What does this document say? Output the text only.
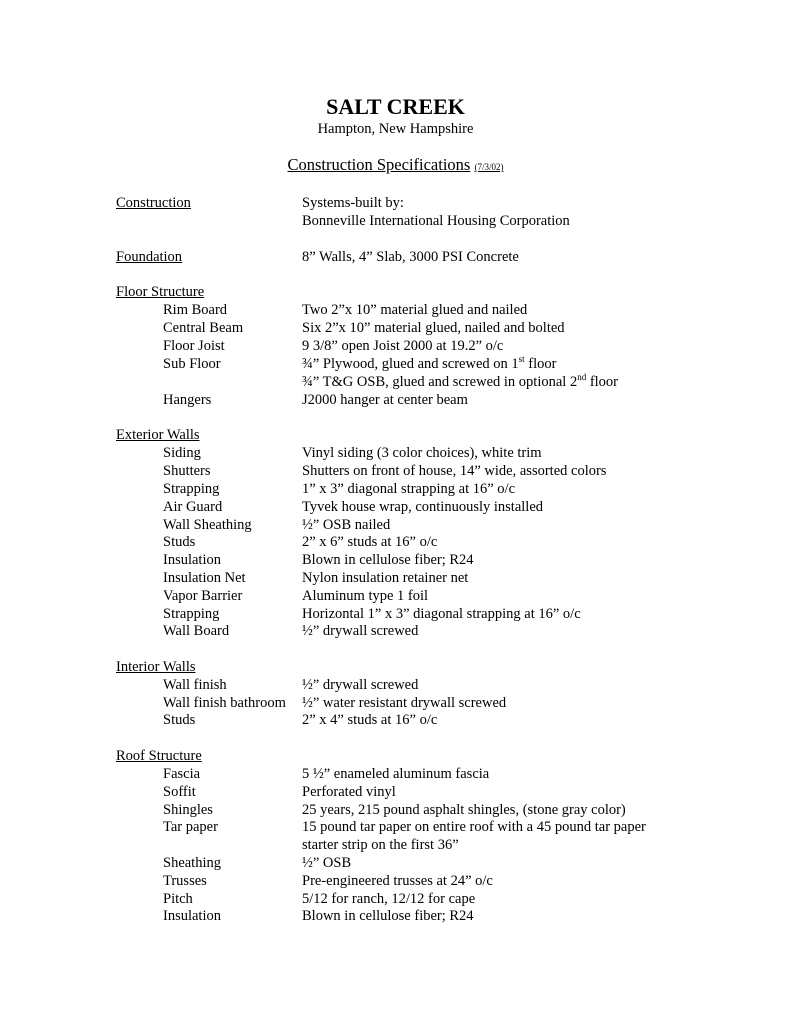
SALT CREEK
Hampton, New Hampshire
Construction Specifications (7/3/02)
Construction	Systems-built by:
Bonneville International Housing Corporation
Foundation	8” Walls, 4” Slab, 3000 PSI Concrete
Floor Structure
Rim Board	Two 2”x 10” material glued and nailed
Central Beam	Six 2”x 10” material glued, nailed and bolted
Floor Joist	9 3/8” open Joist 2000 at 19.2” o/c
Sub Floor	¾” Plywood, glued and screwed on 1st floor
¾” T&G OSB, glued and screwed in optional 2nd floor
Hangers	J2000 hanger at center beam
Exterior Walls
Siding	Vinyl siding (3 color choices), white trim
Shutters	Shutters on front of house, 14” wide, assorted colors
Strapping	1” x 3” diagonal strapping at 16” o/c
Air Guard	Tyvek house wrap, continuously installed
Wall Sheathing	½” OSB nailed
Studs	2” x 6” studs at 16” o/c
Insulation	Blown in cellulose fiber; R24
Insulation Net	Nylon insulation retainer net
Vapor Barrier	Aluminum type 1 foil
Strapping	Horizontal 1” x 3” diagonal strapping at 16” o/c
Wall Board	½” drywall screwed
Interior Walls
Wall finish	½” drywall screwed
Wall finish bathroom ½” water resistant drywall screwed
Studs	2” x 4” studs at 16” o/c
Roof Structure
Fascia	5 ½” enameled aluminum fascia
Soffit	Perforated vinyl
Shingles	25 years, 215 pound asphalt shingles, (stone gray color)
Tar paper	15 pound tar paper on entire roof with a 45 pound tar paper
starter strip on the first 36”
Sheathing	½” OSB
Trusses	Pre-engineered trusses at 24” o/c
Pitch	5/12 for ranch, 12/12 for cape
Insulation	Blown in cellulose fiber; R24
